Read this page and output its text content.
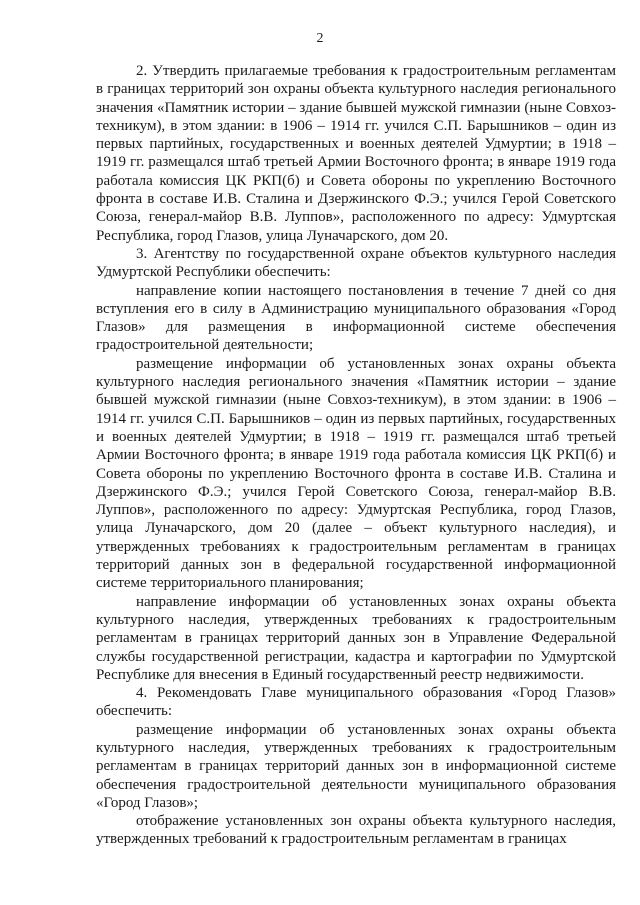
2

2. Утвердить прилагаемые требования к градостроительным регламентам в границах территорий зон охраны объекта культурного наследия регионального значения «Памятник истории – здание бывшей мужской гимназии (ныне Совхоз-техникум), в этом здании: в 1906 – 1914 гг. учился С.П. Барышников – один из первых партийных, государственных и военных деятелей Удмуртии; в 1918 – 1919 гг. размещался штаб третьей Армии Восточного фронта; в январе 1919 года работала комиссия ЦК РКП(б) и Совета обороны по укреплению Восточного фронта в составе И.В. Сталина и Дзержинского Ф.Э.; учился Герой Советского Союза, генерал-майор В.В. Луппов», расположенного по адресу: Удмуртская Республика, город Глазов, улица Луначарского, дом 20.

3. Агентству по государственной охране объектов культурного наследия Удмуртской Республики обеспечить:

направление копии настоящего постановления в течение 7 дней со дня вступления его в силу в Администрацию муниципального образования «Город Глазов» для размещения в информационной системе обеспечения градостроительной деятельности;

размещение информации об установленных зонах охраны объекта культурного наследия регионального значения «Памятник истории – здание бывшей мужской гимназии (ныне Совхоз-техникум), в этом здании: в 1906 – 1914 гг. учился С.П. Барышников – один из первых партийных, государственных и военных деятелей Удмуртии; в 1918 – 1919 гг. размещался штаб третьей Армии Восточного фронта; в январе 1919 года работала комиссия ЦК РКП(б) и Совета обороны по укреплению Восточного фронта в составе И.В. Сталина и Дзержинского Ф.Э.; учился Герой Советского Союза, генерал-майор В.В. Луппов», расположенного по адресу: Удмуртская Республика, город Глазов, улица Луначарского, дом 20 (далее – объект культурного наследия), и утвержденных требованиях к градостроительным регламентам в границах территорий данных зон в федеральной государственной информационной системе территориального планирования;

направление информации об установленных зонах охраны объекта культурного наследия, утвержденных требованиях к градостроительным регламентам в границах территорий данных зон в Управление Федеральной службы государственной регистрации, кадастра и картографии по Удмуртской Республике для внесения в Единый государственный реестр недвижимости.

4. Рекомендовать Главе муниципального образования «Город Глазов» обеспечить:

размещение информации об установленных зонах охраны объекта культурного наследия, утвержденных требованиях к градостроительным регламентам в границах территорий данных зон в информационной системе обеспечения градостроительной деятельности муниципального образования «Город Глазов»;

отображение установленных зон охраны объекта культурного наследия, утвержденных требований к градостроительным регламентам в границах
